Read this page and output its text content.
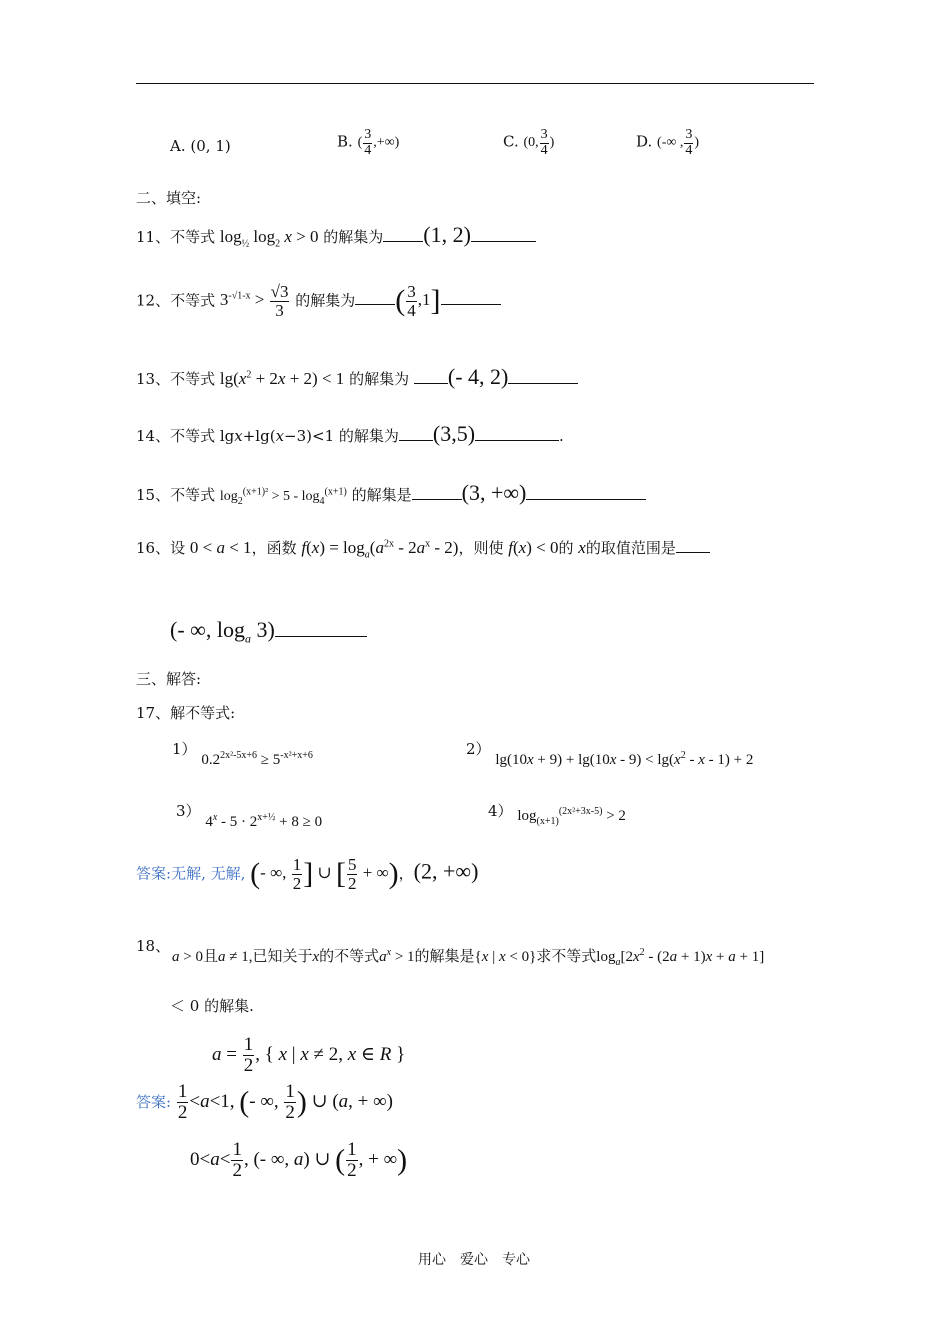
A. (0, 1)	B. ( $\frac{3}{4}$ ,+∞)	C. (0, $\frac{3}{4}$ )	D. (-∞ , $\frac{3}{4}$ )
二、填空:
11、不等式 $\log_{\frac{1}{2}} \log_2 x > 0$ 的解集为 (1, 2)
12、不等式 $3^{-√1-x} > \frac{√3}{3}$ 的解集为 ( $\frac{3}{4} ,1$]
13、不等式 $\lg(x^2 + 2x + 2) < 1$ 的解集为 (- 4, 2)
14、不等式 lgx+lg(x−3)<1 的解集为 (3,5)	.
15、不等式 $\log_2^{(x+1)^2} > 5 - \log_4^{(x+1)}$ 的解集是 (3, +∞)
16、设 0 < a < 1，函数 $f(x) = \log_a(a^{2x} - 2a^x - 2)$，则使 f(x) < 0的 x的取值范围是
(- ∞, $\log_a 3$)
三、解答:
17、解不等式:
1） $0.2^{2x^2-5x+6} \ge 5^{-x^2+x+6}$	2） $\lg(10x + 9) + \lg(10x - 9) < \lg(x^2 - x - 1) + 2$
3） $4^x - 5 \cdot 2^{x+\frac{1}{2}} + 8 \ge 0$
4） $\log_{(x+1)}^{(2x^2+3x-5)} > 2$
答案:无解, 无解, (- ∞, $\frac{1}{2}$ ] ∪ [ $\frac{5}{2}$ + ∞)，(2, +∞)
18、
a > 0且a ≠ 1,已知关于x的不等式$a^x > 1$的解集是{x | x < 0}求不等式$\log_a[2x^2 - (2a + 1)x + a + 1]$
＜ 0 的解集.
$a = \frac{1}{2}$ , { x | x ≠ 2, x ∈ R }
答案: $\frac{1}{2} <a<1$, (- ∞, $\frac{1}{2}$ ) ∪ (a, + ∞)
$0<a< \frac{1}{2}$ , (- ∞, a) ∪ ( $\frac{1}{2}$ , + ∞)
用心　爱心　专心
